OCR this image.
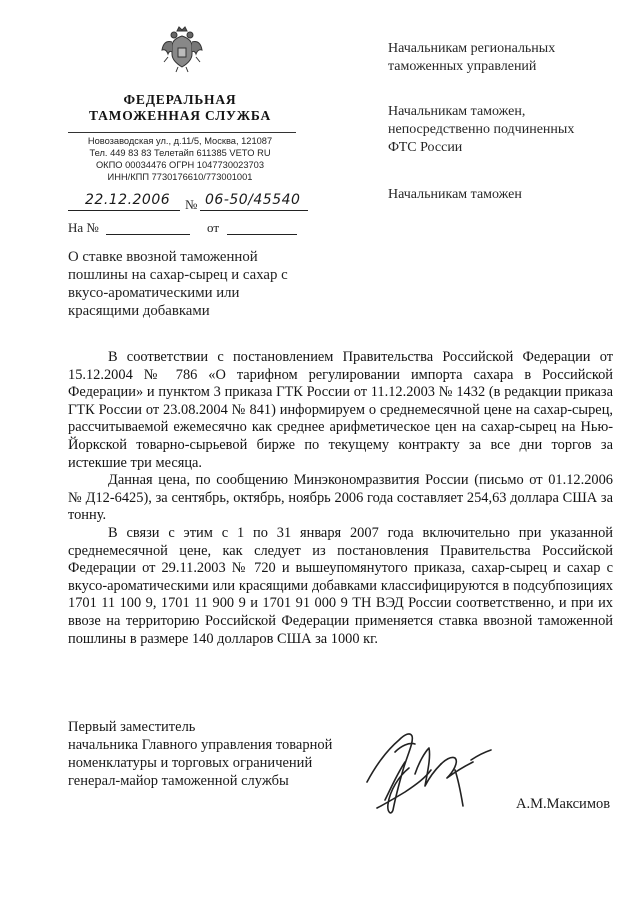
ФЕДЕРАЛЬНАЯ
ТАМОЖЕННАЯ СЛУЖБА
Новозаводская ул., д.11/5, Москва, 121087
Тел. 449 83 83 Телетайп 611385 VETO RU
ОКПО 00034476 ОГРН 1047730023703
ИНН/КПП 7730176610/773001001
22.12.2006 № 06-50/45540
На №	от
Начальникам региональных
таможенных управлений
Начальникам таможен,
непосредственно подчиненных
ФТС России
Начальникам таможен
О ставке ввозной таможенной пошлины на сахар-сырец и сахар с вкусо-ароматическими или красящими добавками

В соответствии с постановлением Правительства Российской Федерации от 15.12.2004 № 786 «О тарифном регулировании импорта сахара в Российской Федерации» и пунктом 3 приказа ГТК России от 11.12.2003 № 1432 (в редакции приказа ГТК России от 23.08.2004 № 841) информируем о среднемесячной цене на сахар-сырец, рассчитываемой ежемесячно как среднее арифметическое цен на сахар-сырец на Нью-Йоркской товарно-сырьевой бирже по текущему контракту за все дни торгов за истекшие три месяца.

Данная цена, по сообщению Минэкономразвития России (письмо от 01.12.2006 № Д12-6425), за сентябрь, октябрь, ноябрь 2006 года составляет 254,63 доллара США за тонну.

В связи с этим с 1 по 31 января 2007 года включительно при указанной среднемесячной цене, как следует из постановления Правительства Российской Федерации от 29.11.2003 № 720 и вышеупомянутого приказа, сахар-сырец и сахар с вкусо-ароматическими или красящими добавками классифицируются в подсубпозициях 1701 11 100 9, 1701 11 900 9 и 1701 91 000 9 ТН ВЭД России соответственно, и при их ввозе на территорию Российской Федерации применяется ставка ввозной таможенной пошлины в размере 140 долларов США за 1000 кг.

Первый заместитель
начальника Главного управления товарной
номенклатуры и торговых ограничений
генерал-майор таможенной службы
А.М.Максимов
